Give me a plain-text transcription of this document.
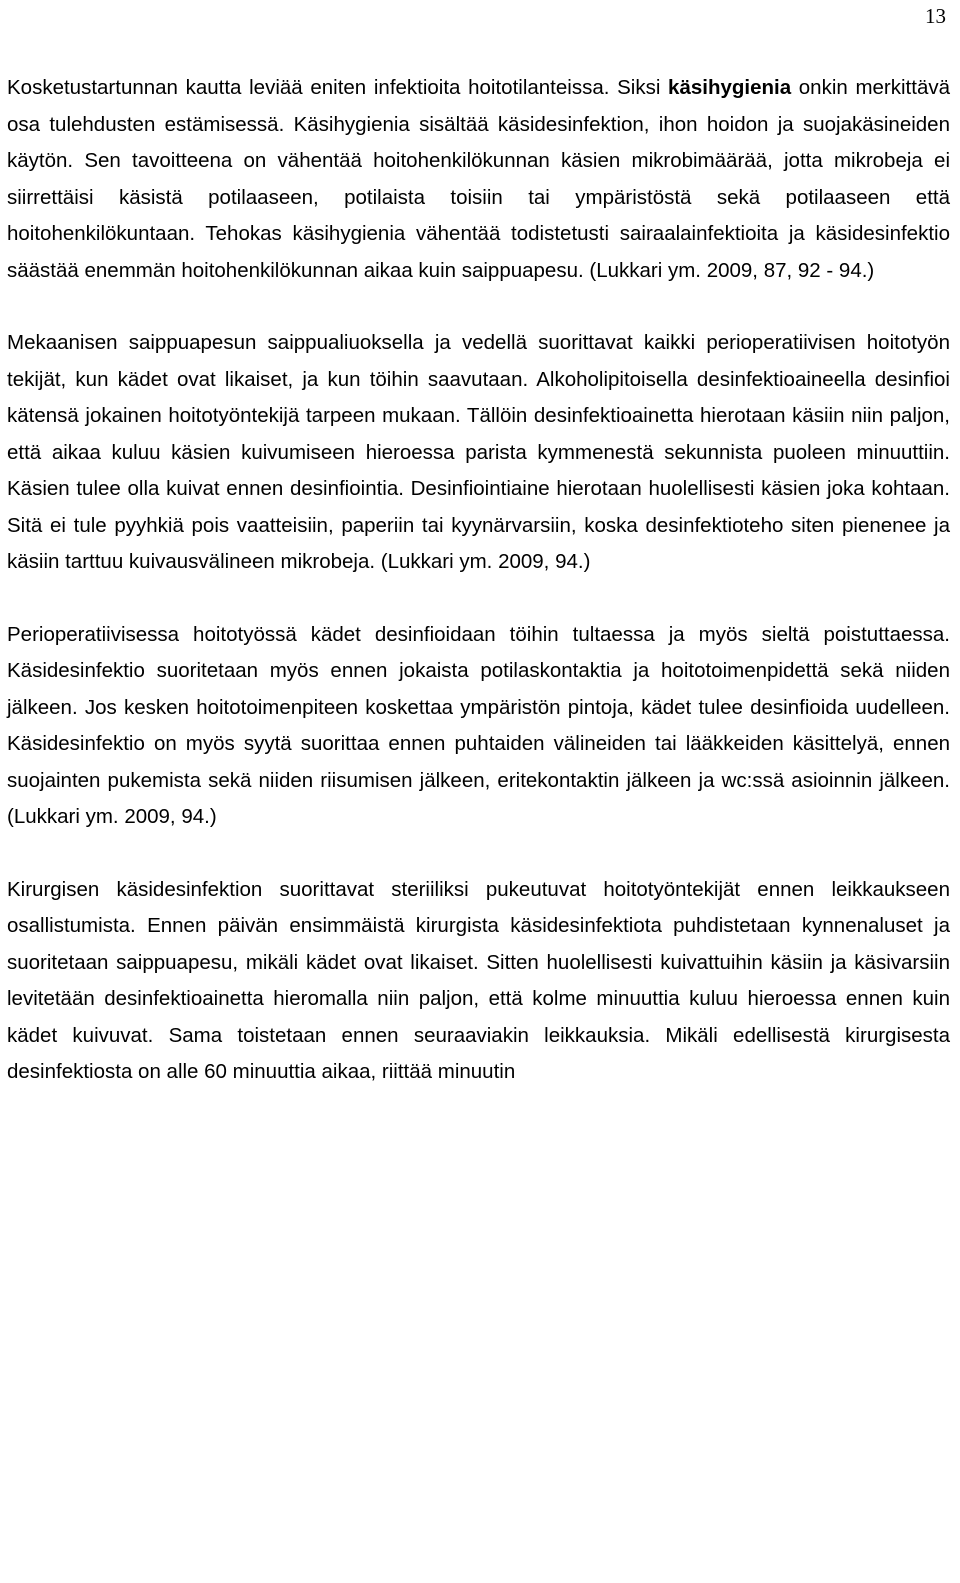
13

Kosketustartunnan kautta leviää eniten infektioita hoitotilanteissa. Siksi käsihygienia onkin merkittävä osa tulehdusten estämisessä. Käsihygienia sisältää käsidesinfektion, ihon hoidon ja suojakäsineiden käytön. Sen tavoitteena on vähentää hoitohenkilökunnan käsien mikrobimäärää, jotta mikrobeja ei siirrettäisi käsistä potilaaseen, potilaista toisiin tai ympäristöstä sekä potilaaseen että hoitohenkilökuntaan. Tehokas käsihygienia vähentää todistetusti sairaalainfektioita ja käsidesinfektio säästää enemmän hoitohenkilökunnan aikaa kuin saippuapesu. (Lukkari ym. 2009, 87, 92 - 94.)

Mekaanisen saippuapesun saippualiuoksella ja vedellä suorittavat kaikki perioperatiivisen hoitotyön tekijät, kun kädet ovat likaiset, ja kun töihin saavutaan. Alkoholipitoisella desinfektioaineella desinfioi kätensä jokainen hoitotyöntekijä tarpeen mukaan. Tällöin desinfektioainetta hierotaan käsiin niin paljon, että aikaa kuluu käsien kuivumiseen hieroessa parista kymmenestä sekunnista puoleen minuuttiin. Käsien tulee olla kuivat ennen desinfiointia. Desinfiointiaine hierotaan huolellisesti käsien joka kohtaan. Sitä ei tule pyyhkiä pois vaatteisiin, paperiin tai kyynärvarsiin, koska desinfektioteho siten pienenee ja käsiin tarttuu kuivausvälineen mikrobeja. (Lukkari ym. 2009, 94.)

Perioperatiivisessa hoitotyössä kädet desinfioidaan töihin tultaessa ja myös sieltä poistuttaessa. Käsidesinfektio suoritetaan myös ennen jokaista potilaskontaktia ja hoitotoimenpidettä sekä niiden jälkeen. Jos kesken hoitotoimenpiteen koskettaa ympäristön pintoja, kädet tulee desinfioida uudelleen. Käsidesinfektio on myös syytä suorittaa ennen puhtaiden välineiden tai lääkkeiden käsittelyä, ennen suojainten pukemista sekä niiden riisumisen jälkeen, eritekontaktin jälkeen ja wc:ssä asioinnin jälkeen. (Lukkari ym. 2009, 94.)

Kirurgisen käsidesinfektion suorittavat steriiliksi pukeutuvat hoitotyöntekijät ennen leikkaukseen osallistumista. Ennen päivän ensimmäistä kirurgista käsidesinfektiota puhdistetaan kynnenaluset ja suoritetaan saippuapesu, mikäli kädet ovat likaiset. Sitten huolellisesti kuivattuihin käsiin ja käsivarsiin levitetään desinfektioainetta hieromalla niin paljon, että kolme minuuttia kuluu hieroessa ennen kuin kädet kuivuvat. Sama toistetaan ennen seuraaviakin leikkauksia. Mikäli edellisestä kirurgisesta desinfektiosta on alle 60 minuuttia aikaa, riittää minuutin
